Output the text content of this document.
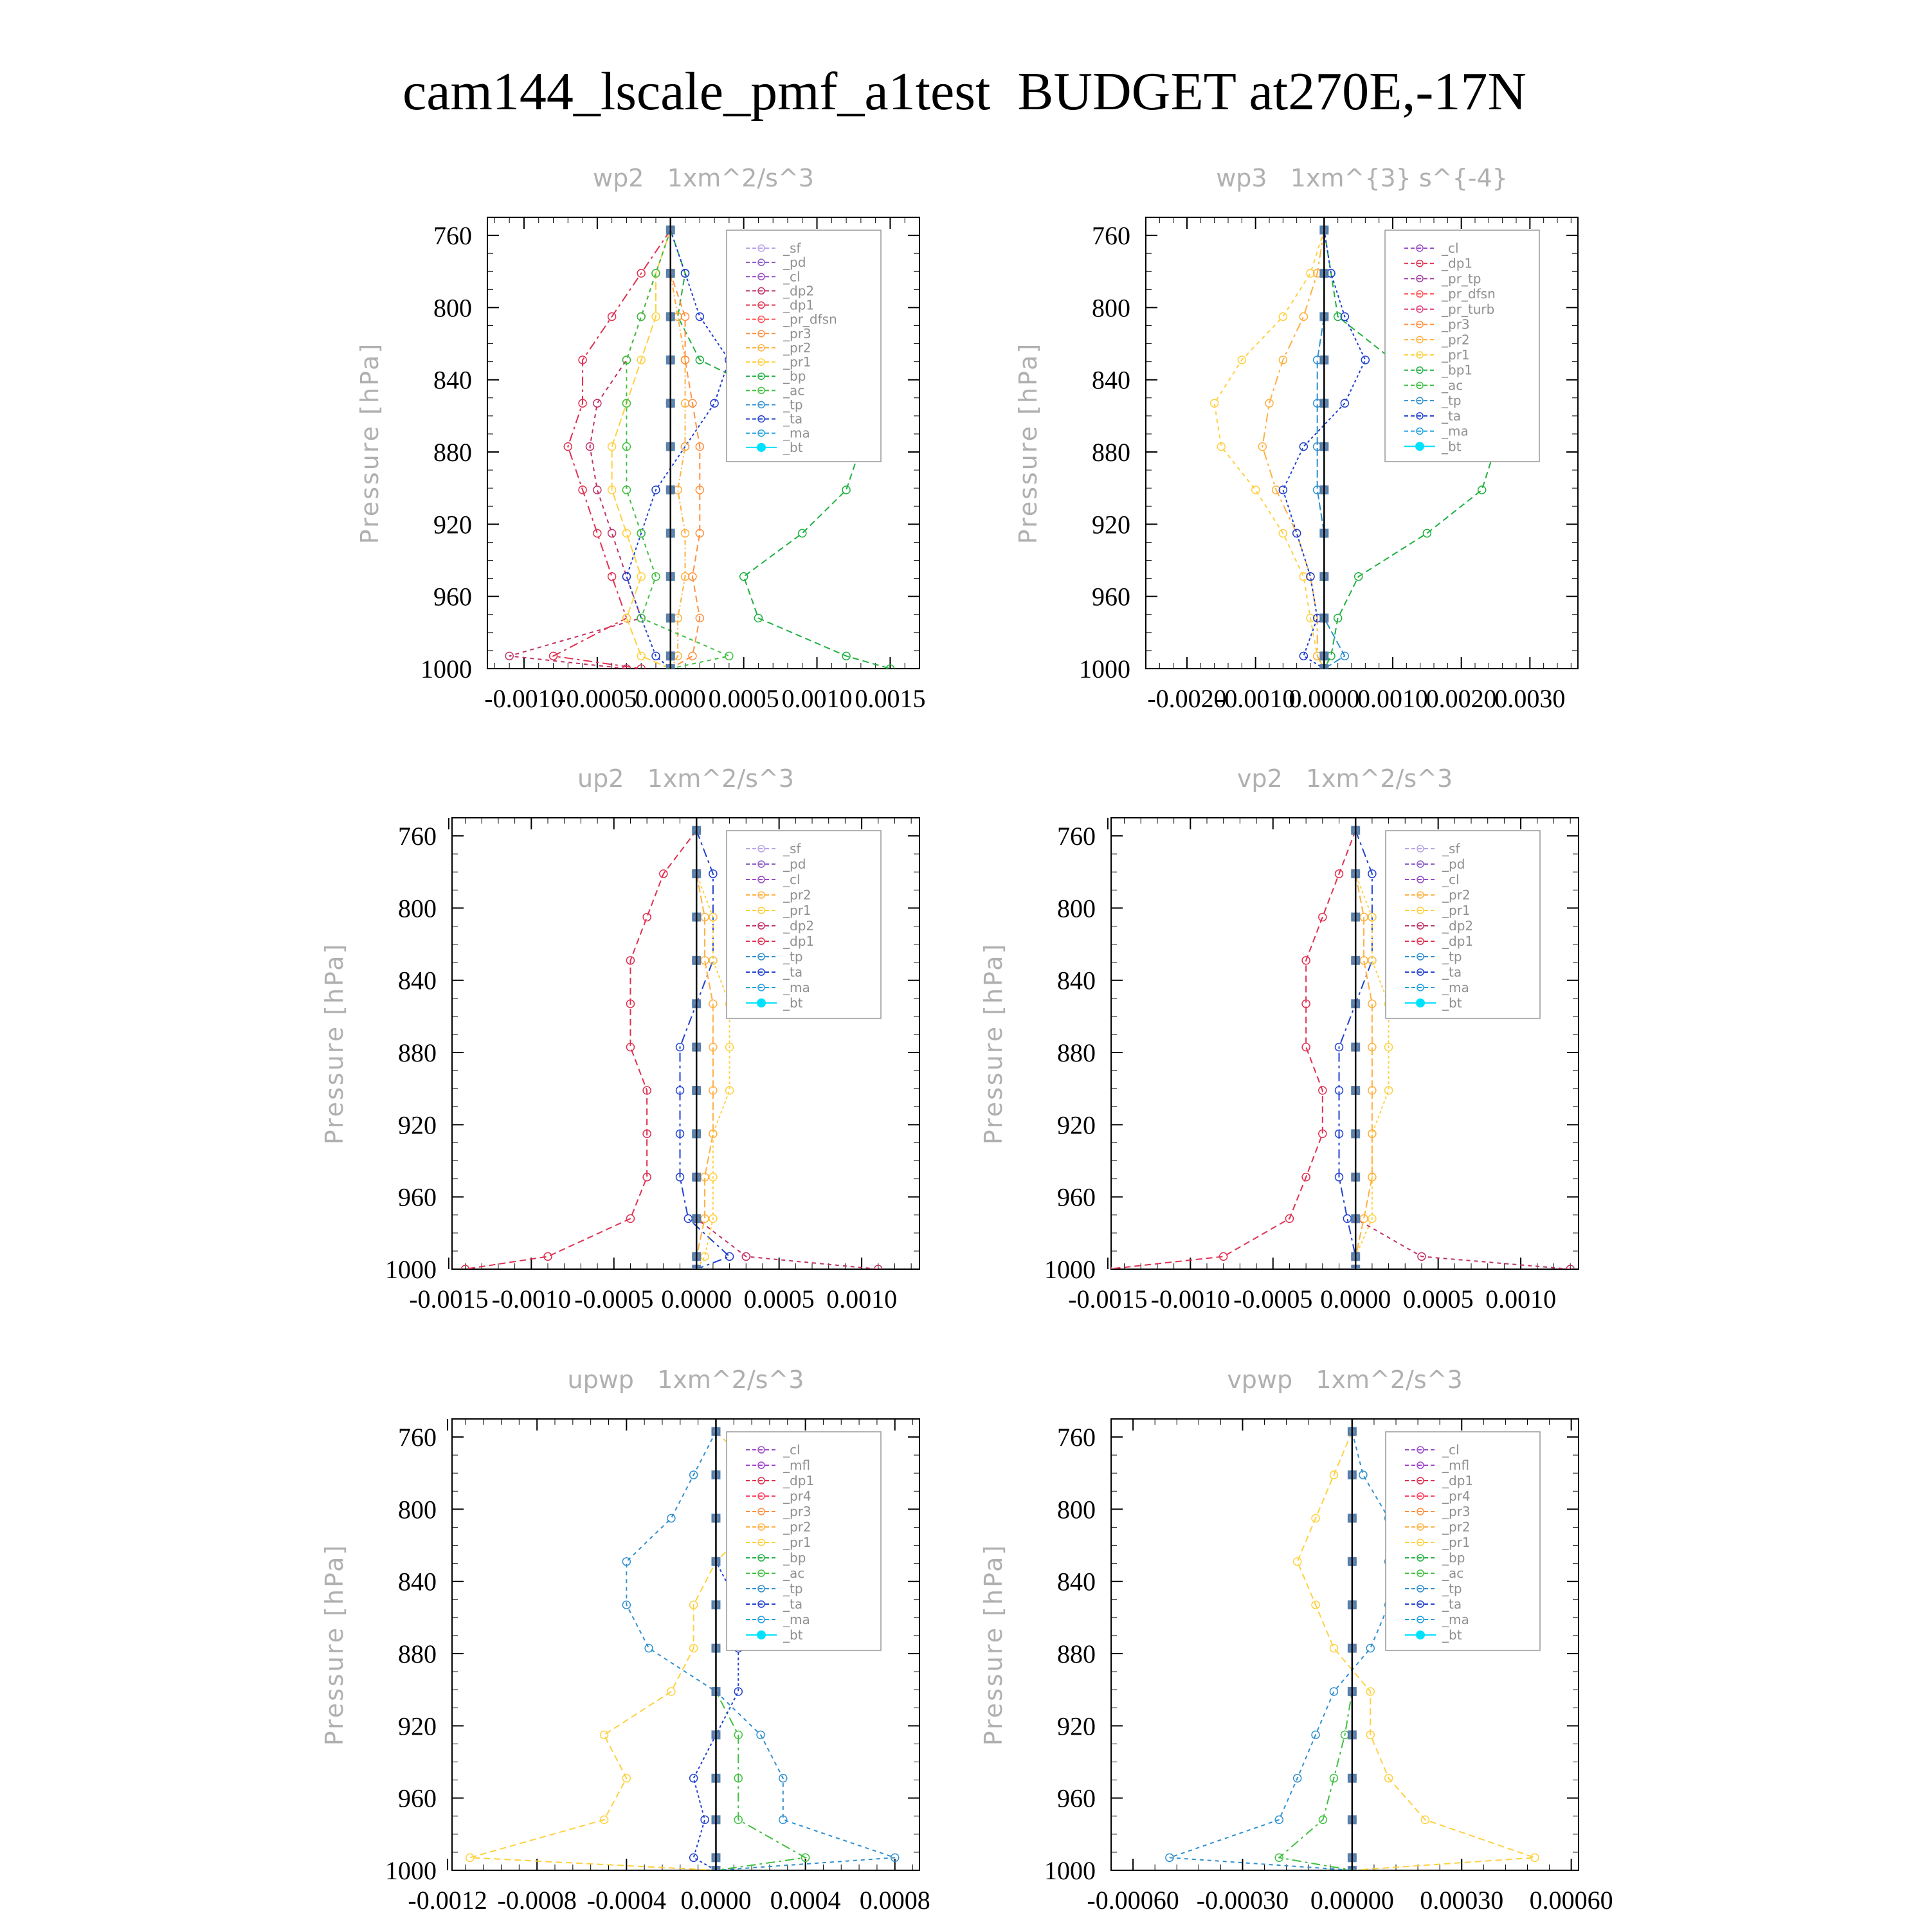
cam144_lscale_pmf_a1test  BUDGET at270E,-17N
wp2   1xm^2/s^3
760
800
840
880
920
960
1000
-0.0010
-0.0005
0.0000 0.0005 0.0010 0.0015
Pressure [hPa]
_sf
_pd
_cl
_dp2
_dp1
_pr_dfsn
_pr3
_pr2
_pr1
_bp
_ac
_tp
_ta
_ma
_bt
wp3   1xm^{3} s^{-4}
760
800
840
880
920
960
1000
-0.0020
-0.0010
0.0000
0.0010
0.0020
0.0030
Pressure [hPa]
_cl
_dp1
_pr_tp
_pr_dfsn
_pr_turb
_pr3
_pr2
_pr1
_bp1
_ac
_tp
_ta
_ma
_bt
up2   1xm^2/s^3
760
800
840
880
920
960
1000
-0.0015 -0.0010 -0.0005 0.0000 0.0005 0.0010
Pressure [hPa]
_sf
_pd
_cl
_pr2
_pr1
_dp2
_dp1
_tp
_ta
_ma
_bt
vp2   1xm^2/s^3
760
800
840
880
920
960
1000
-0.0015 -0.0010 -0.0005 0.0000 0.0005 0.0010
Pressure [hPa]
_sf
_pd
_cl
_pr2
_pr1
_dp2
_dp1
_tp
_ta
_ma
_bt
upwp   1xm^2/s^3
760
800
840
880
920
960
1000
-0.0012 -0.0008 -0.0004 0.0000 0.0004 0.0008
Pressure [hPa]
_cl
_mfl
_dp1
_pr4
_pr3
_pr2
_pr1
_bp
_ac
_tp
_ta
_ma
_bt
vpwp   1xm^2/s^3
760
800
840
880
920
960
1000
-0.00060 -0.00030 0.00000 0.00030 0.00060
Pressure [hPa]
_cl
_mfl
_dp1
_pr4
_pr3
_pr2
_pr1
_bp
_ac
_tp
_ta
_ma
_bt
